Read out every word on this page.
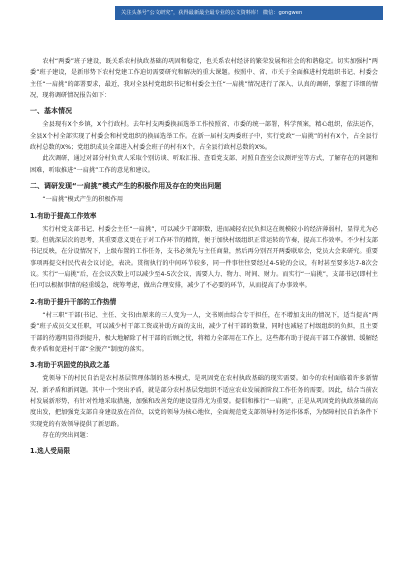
关注头条号“公文研究”，获得最新最全最专业的公文资料库！ 微信：gongwen

农村“两委”班子建设，既关系农村执政基础的巩固和稳定，也关系农村经济的繁荣发展和社会的和谐稳定。切实加强村“两委”班子建设，是新形势下农村党建工作迫切需要研究和解决的重大课题。按照中、省、市关于全面推进村党组织书记、村委会主任“一肩挑”的部署要求，最近，我对全县村党组织书记和村委会主任“一肩挑”情况进行了深入、认真的调研，掌握了详细的情况，现将调研情况报告如下：

一、基本情况

全县现有X个乡镇，X个行政村。去年村支两委换届选举工作按照省、市委的统一部署，科学预案，精心组织，依法运作，全县X个村全部实现了村委会和村党组织的换届选举工作。在新一届村支两委班子中，实行党政“一肩挑”的村有X个，占全县行政村总数的X%；党组织成员全部进入村委会班子的村有X个，占全县行政村总数的X%。

此次调研，通过对部分村负责人采取个别访谈、听取汇报、查看党支部、对照自查室会议测评室等方式，了解存在的问题和困难，听取推进“一肩挑”工作的意见和建议。

二、调研发现“一肩挑”模式产生的积极作用及存在的突出问题

“一肩挑”模式产生的积极作用

1.有助于提高工作效率

实行村党支部书记、村委会主任“一肩挑”，可以减少干部职数，进而减轻农民负担这在规模较小的经济薄弱村，显得尤为必要。但就深层次的思考，其重要意义更在于对工作环节的精简，便于加快村级组织正常运转的节奏，提高工作效率。不少村支部书记反映，在分设情况下，上级布置的工作任务，支书必须先与主任商量，然后再分别召开两委联席会，党员大会来研究。重要事项再提交村民代表会议讨论，表决。贯彻执行的中间环节较多，同一件事往往要经过4-5轮的会议，有时甚至要多达7-8次会议。实行“一肩挑”后，在会议次数上可以减少至4-5次会议，需要人力、物力、时间、财力。而实行“一肩挑”，支部书记(即村主任)可以根据事情的轻重缓急，统筹考虑，做出合理安排，减少了不必要的环节，从而提高了办事效率。

2.有助于提升干部的工作热情

“村三职”干部(书记、主任、文书)由原来的三人变为一人，文书则由综合专干担任，在不增加支出的情况下，适当提高“两委”班子成员交叉任职，可以减少村干部工资或补助方面的支出，减少了村干部的数量，同时也减轻了村级组织的负担，且主要干部的待遇明显得到提升，极大地解除了村干部的后顾之忧，将精力全部用在工作上，这些都有助于提高干部工作激情、缓解经费矛盾和促进村干部“全脱产”制度的落实。

3.有助于巩固党的执政之基

党领导下的村民自治是农村基层管理体制的基本模式，是巩固党在农村执政基础的现实需要。如今的农村面临着许多新情况、新矛盾和新问题。其中一个突出矛盾，就是部分农村基层党组织不适应农业发展新阶段工作任务的需要。因此，结合当前农村发展新形势，有针对性地采取措施，加强和改善党的建设显得尤为重要。提倡和推行“一肩挑”，正是从巩固党的执政基础的高度出发，把加强党支部自身建设放在首位，以党的领导为核心地位，全面规范党支部领导村务运作体系，为保障村民自治条件下实现党的有效领导提供了新思路。

存在的突出问题：

1.选人受局限
